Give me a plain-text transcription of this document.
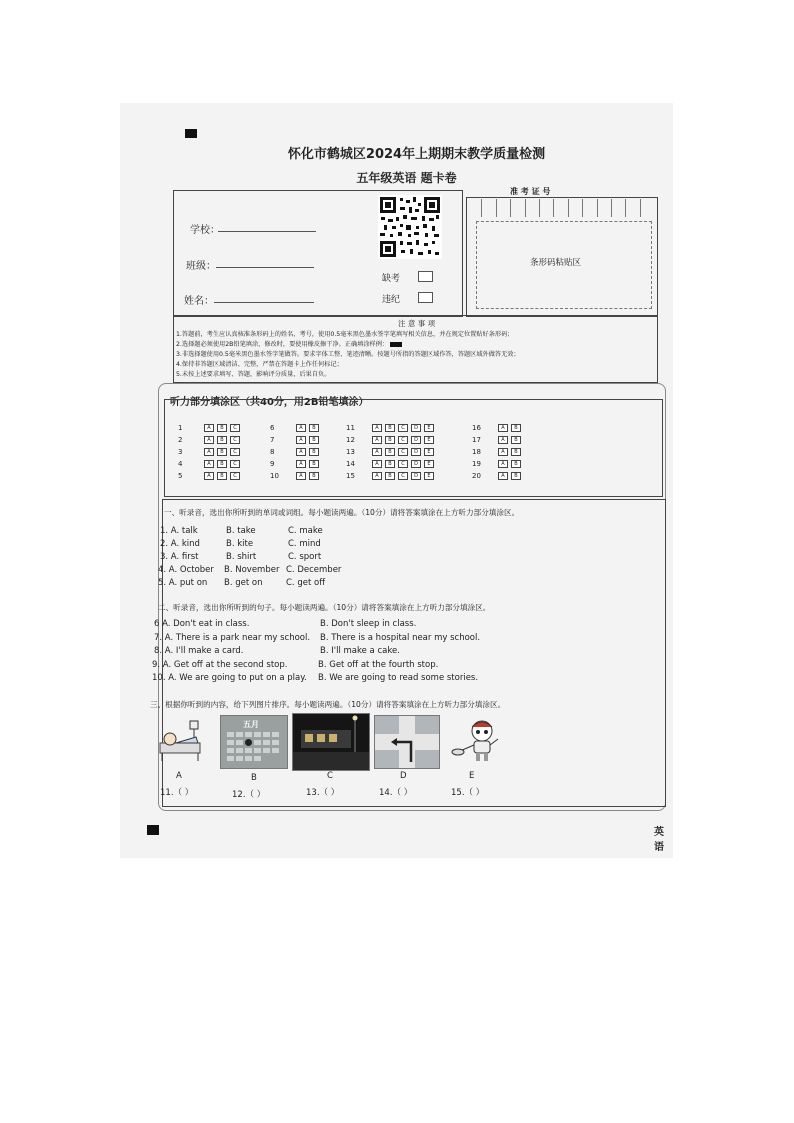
怀化市鹤城区2024年上期期末教学质量检测
五年级英语 题卡卷
学校：
班级：
姓名：
缺考
违纪
准 考 证 号
条形码粘贴区
注 意 事 项
1.答题前，考生应认真核准条形码上的姓名、考号，使用0.5毫米黑色墨水签字笔填写相关信息，并在规定位置贴好条形码；
2.选择题必须使用2B铅笔填涂，修改时，要使用橡皮擦干净。正确填涂样例：
3.非选择题使用0.5毫米黑色墨水签字笔做答。要求字体工整、笔迹清晰。按题号所指的答题区域作答，答题区域外做答无效；
4.保持非答题区域清洁、完整，严禁在答题卡上作任何标记；
5.未按上述要求填写、答题，影响评分质量，后果自负。
听力部分填涂区（共40分，用2B铅笔填涂）
一、听录音，选出你所听到的单词或词组。每小题读两遍。（10分）请将答案填涂在上方听力部分填涂区。
二、听录音，选出你所听到的句子。每小题读两遍。（10分）请将答案填涂在上方听力部分填涂区。
三、根据你听到的内容，给下列图片排序。每小题读两遍。（10分）请将答案填涂在上方听力部分填涂区。
五月
A	B	C	D	E
11.（ ）	12.（ ）	13.（ ）	14.（ ）	15.（ ）
英语
1	A B C
2	A B C
3	A B C
4	A B C
5	A B C
6	A B
7	A B
8	A B
9	A B
10	A B
11	A B C D E
12	A B C D E
13	A B C D E
14	A B C D E
15	A B C D E
16	A B
17	A B
18	A B
19	A B
20	A B
1. A. talk	B. take	C. make
2. A. kind	B. kite	C. mind
3. A. first	B. shirt	C. sport
4. A. October B. November C. December
5. A. put on B. get on	C. get off
6 A. Don't eat in class.	B. Don't sleep in class.
7. A. There is a park near my school. B. There is a hospital near my school.
8. A. I'll make a card.	B. I'll make a cake.
9. A. Get off at the second stop.	B. Get off at the fourth stop.
10. A. We are going to put on a play. B. We are going to read some stories.
